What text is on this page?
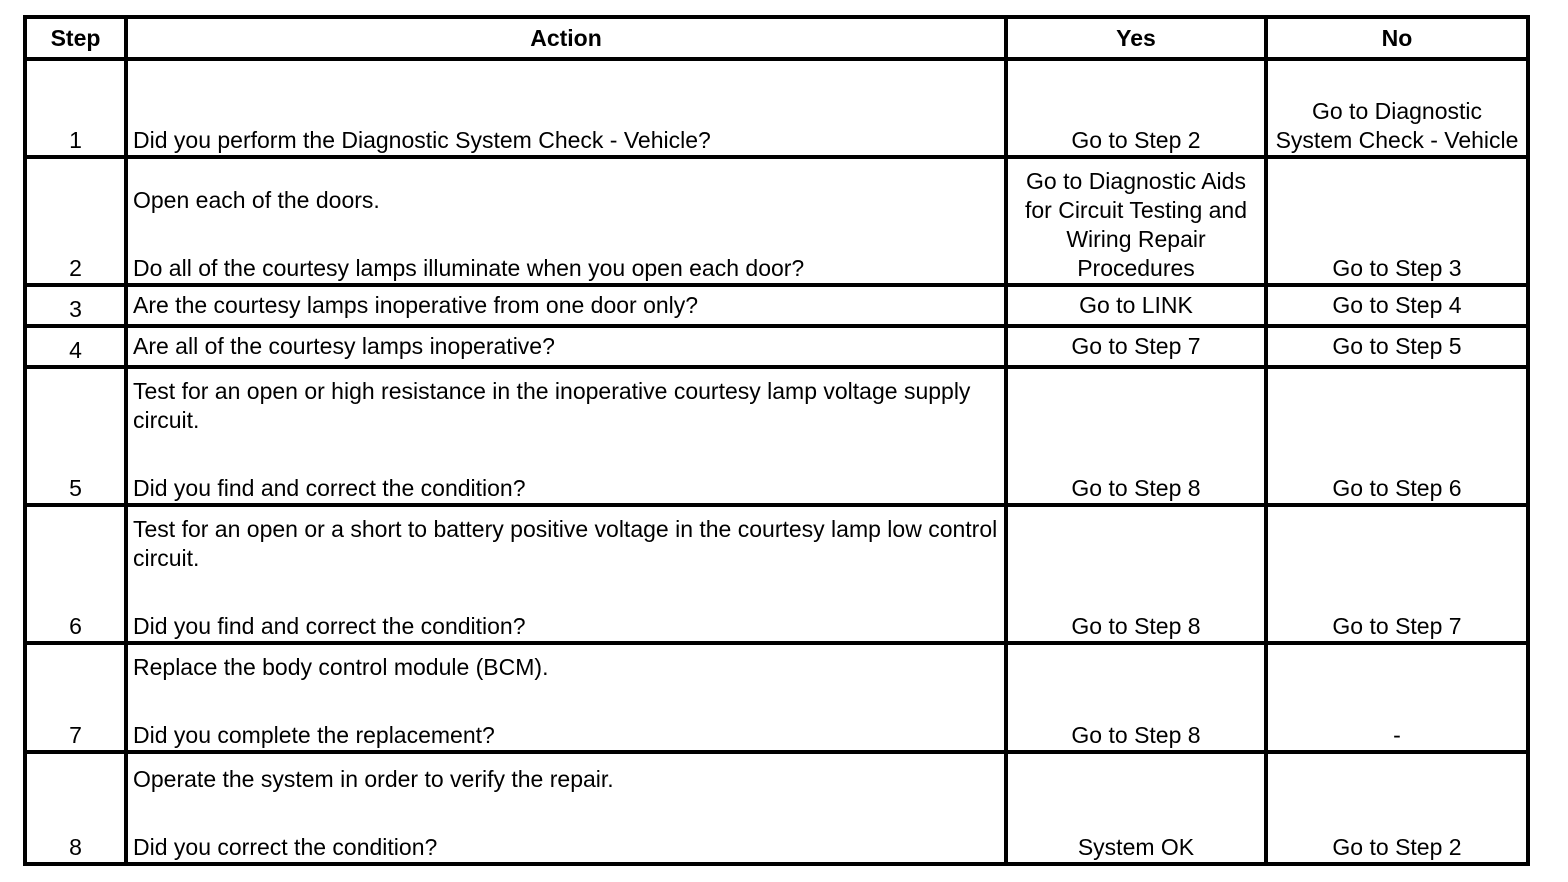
Step	Action	Yes	No
1	Did you perform the Diagnostic System Check - Vehicle?	Go to Step 2	Go to Diagnostic System Check - Vehicle
2	Open each of the doors.
Do all of the courtesy lamps illuminate when you open each door?	Go to Diagnostic Aids for Circuit Testing and Wiring Repair Procedures	Go to Step 3
3	Are the courtesy lamps inoperative from one door only?	Go to LINK	Go to Step 4
4	Are all of the courtesy lamps inoperative?	Go to Step 7	Go to Step 5
5	Test for an open or high resistance in the inoperative courtesy lamp voltage supply circuit.
Did you find and correct the condition?	Go to Step 8	Go to Step 6
6	Test for an open or a short to battery positive voltage in the courtesy lamp low control circuit.
Did you find and correct the condition?	Go to Step 8	Go to Step 7
7	Replace the body control module (BCM).
Did you complete the replacement?	Go to Step 8	-
8	Operate the system in order to verify the repair.
Did you correct the condition?	System OK	Go to Step 2
